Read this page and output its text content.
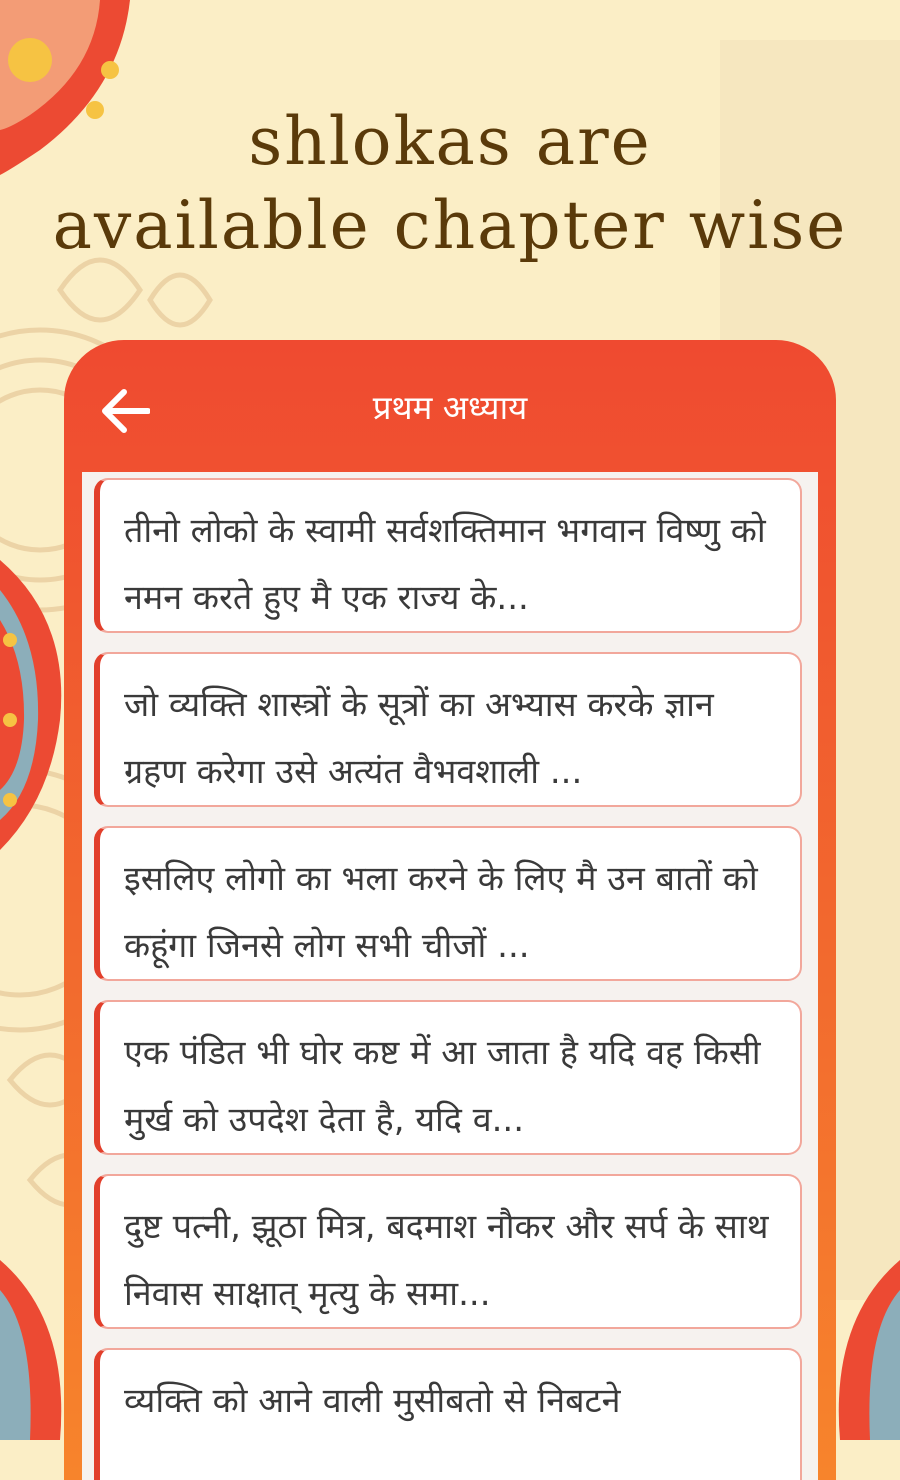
shlokas are
available chapter wise
प्रथम अध्याय

तीनो लोको के स्वामी सर्वशक्तिमान भगवान विष्णु को नमन करते हुए मै एक राज्य के...

जो व्यक्ति शास्त्रों के सूत्रों का अभ्यास करके ज्ञान ग्रहण करेगा उसे अत्यंत वैभवशाली ...

इसलिए लोगो का भला करने के लिए मै उन बातों को कहूंगा जिनसे लोग सभी चीजों ...

एक पंडित भी घोर कष्ट में आ जाता है यदि वह किसी मुर्ख को उपदेश देता है, यदि व...

दुष्ट पत्नी, झूठा मित्र, बदमाश नौकर और सर्प के साथ निवास साक्षात् मृत्यु के समा...

व्यक्ति को आने वाली मुसीबतो से निबटने
